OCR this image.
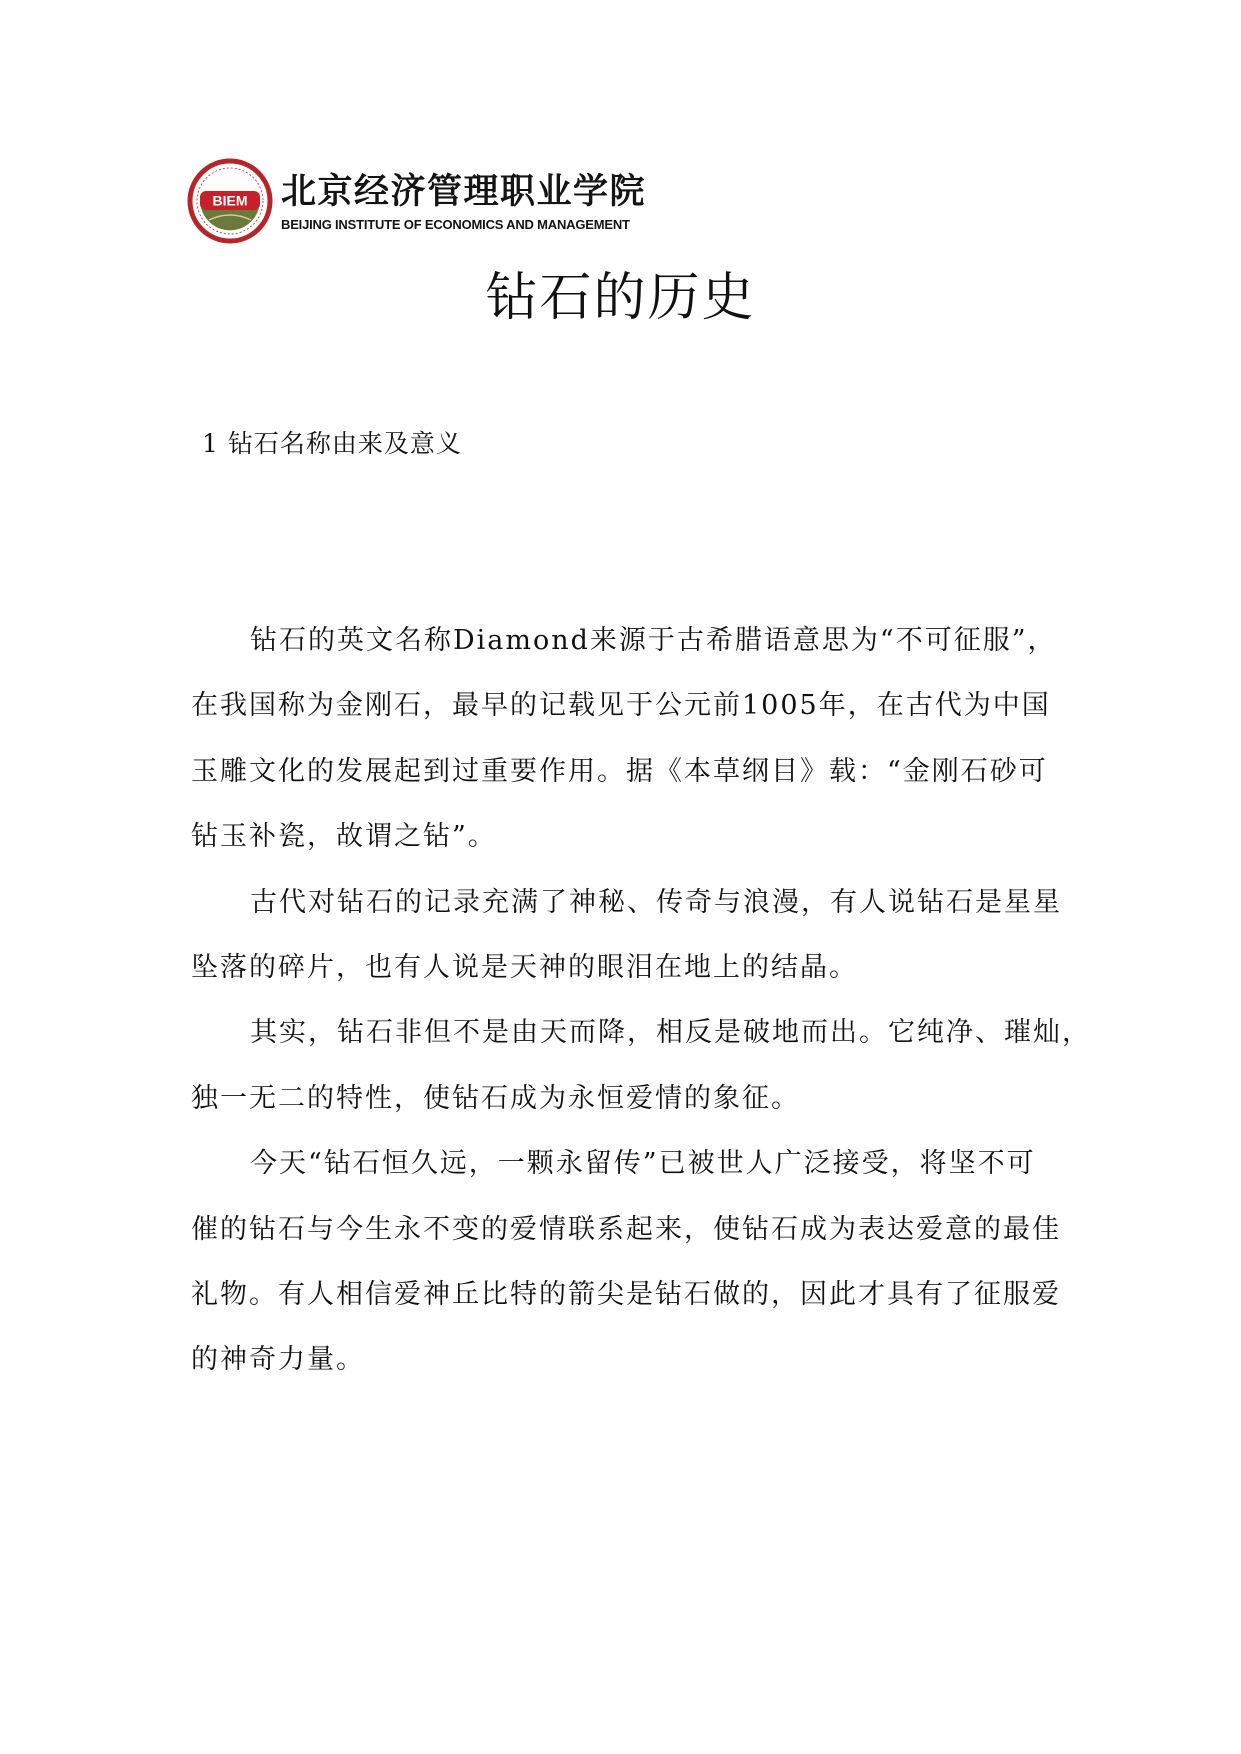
BIEM 北京经济管理职业学院
BEIJING INSTITUTE OF ECONOMICS AND MANAGEMENT
钻石的历史
1 钻石名称由来及意义

钻石的英文名称Diamond来源于古希腊语意思为“不可征服”，
在我国称为金刚石，最早的记载见于公元前1005年，在古代为中国
玉雕文化的发展起到过重要作用。据《本草纲目》载：“金刚石砂可
钻玉补瓷，故谓之钻”。

古代对钻石的记录充满了神秘、传奇与浪漫，有人说钻石是星星
坠落的碎片，也有人说是天神的眼泪在地上的结晶。

其实，钻石非但不是由天而降，相反是破地而出。它纯净、璀灿，
独一无二的特性，使钻石成为永恒爱情的象征。

今天“钻石恒久远，一颗永留传”已被世人广泛接受，将坚不可
催的钻石与今生永不变的爱情联系起来，使钻石成为表达爱意的最佳
礼物。有人相信爱神丘比特的箭尖是钻石做的，因此才具有了征服爱
的神奇力量。
